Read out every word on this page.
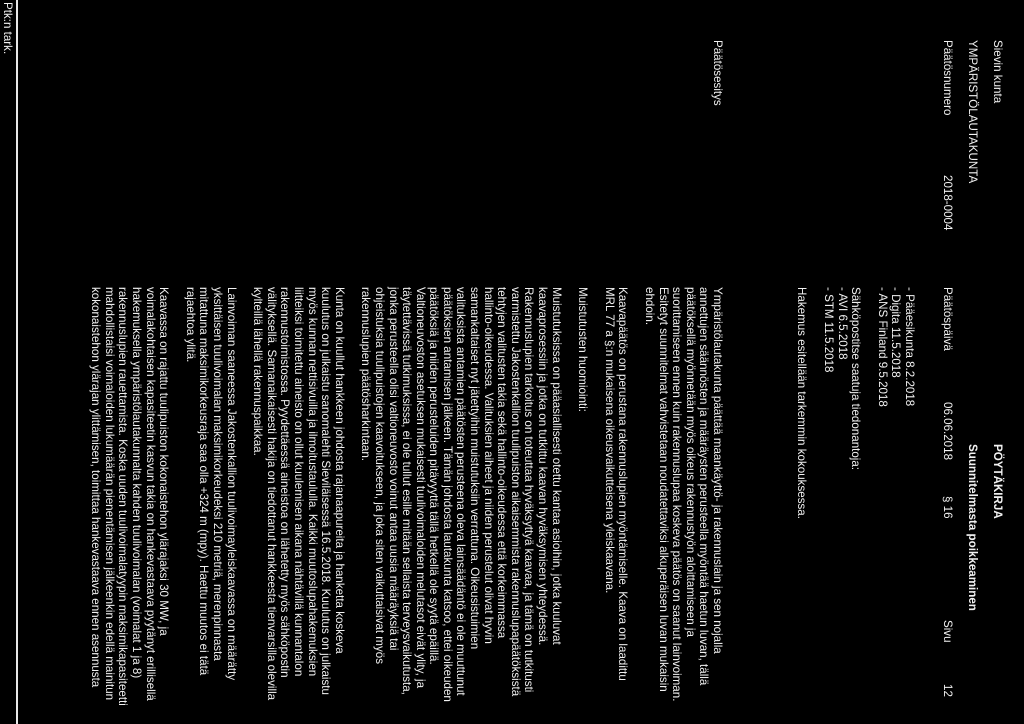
Sievin kunta
PÖYTÄKIRJA
YMPÄRISTÖLAUTAKUNTA
Suunnitelmasta poikkeaminen
Päätösnumero
2018-0004
Päätöspäivä
06.06.2018
§ 16
Sivu
12
- Pääesikunta 8.2.2018
- Digita 11.5.2018
- ANS Finland 9.5.2018
Sähköpostitse saatuja tiedonantoja:
- AVI 6.5.2018
- STM 11.5.2018
Hakemus esitellään tarkemmin kokouksessa.
Päätösesitys
Ympäristölautakunta päättää maankäyttö- ja rakennuslain ja sen nojalla
annettujen säännösten ja määräysten perusteella myöntää haetun luvan, tällä
päätöksellä myönnetään myös oikeus rakennustyön aloittamiseen ja
suorittamiseen ennen kuin rakennuslupaa koskeva päätös on saanut lainvoiman.
Esitetyt suunnitelmat vahvistetaan noudatettaviksi alkuperäisen luvan mukaisin
ehdoin.
Kaavapäätös on perustana rakennuslupien myöntämiselle. Kaava on laadittu
MRL 77 a §:n mukaisena oikeusvaikutteisena yleiskaavana.
Muistutusten huomiointi:
Muistutuksissa on pääasiallisesti otettu kantaa asioihin, jotka kuuluvat
kaavaprosessiin ja jotka on tutkittu kaavan hyväksymisen yhteydessä.
Rakennuslupien tarkoitus on toteuttaa hyväksyttyä kaavaa, ja tämä on tutkitusti
varmistettu Jakostenkallion tuulipuiston aikaisemmista rakennuslupapäätöksistä
tehtyjen valitusten takia sekä hallinto-oikeudessa että korkeimmassa
hallinto-oikeudessa. Valituksien aiheet ja niiden perustelut olivat hyvin
samankaltaiset nyt jätettyihin muistutuksiin verrattuna. Oikeusistuimien
valituksista antamien päätösten perusteena oleva lainsäädäntö ei ole muuttunut
päätöksien antamisen jälkeen. Tämän johdosta lautakunta katsoo, ettei oikeuden
päätöksiä ja niiden perusteluiden pitävyyttä tällä hetkellä ole syytä epäillä.
Valtioneuvoston asetuksen mukaisesti tuulivoimaloiden melutasot eivät ylity, ja
täytettävissä tutkimuksissa, ei ole tullut esille mitään sellaista terveysvaikutusta,
jonka perusteella olisi valtioneuvosto voinut antaa uusia määräyksiä tai
ohjeistuksia tuulipuistojen kaavoitukseen, ja joka siten vaikuttaisivat myös
rakennuslupien päätösharkintaan.
Kunta on kuullut hankkeen johdosta rajanaapureita ja hanketta koskeva
kuulutus on julkaistu sanomalehti Sieviläisessä 16.5.2018. Kuulutus on julkaistu
myös kunnan nettisivuilla ja ilmoitustaululla. Kaikki muutoslupahakemuksien
liitteiksi toimitettu aineisto on ollut kuulemisen aikana nähtävillä kunnantalon
rakennustoimistossa. Pyydettäessä aineistoa on lähetetty myös sähköpostin
välityksellä. Samanaikaisesti hakija on tiedottanut hankkeesta tienvarsilla olevilla
kylteillä lähellä rakennuspaikkaa.
Lainvoiman saaneessa Jakostenkallion tuulivoimayleiskaavassa on määrätty
yksittäisen tuulivoimalan maksimikorkeudeksi 210 metriä, merenpinnasta
mitattuna maksimikorkeusraja saa olla +324 m (mpy). Haettu muutos ei tätä
rajaehtoa ylitä.
Kaavassa on rajattu tuulipuiston kokonaistehon ylärajaksi 30 MW, ja
voimalakohtaisen kapasiteetin kasvun takia on hankevastaava pyytänyt erillisellä
hakemuksella ympäristölautakunnalta kahden tuulivoimalan (voimalat 1 ja 8)
rakennuslupien rauettamista. Koska uuden tuulivoimalatyypin maksimikapasiteetti
mahdollistaisi voimaloiden lukumäärän pienentämisen jälkeenkin edellä mainitun
kokonaistehon ylärajan ylittämisen, toimittaa hankevastaava ennen asennusta
Ptk:n tark.
